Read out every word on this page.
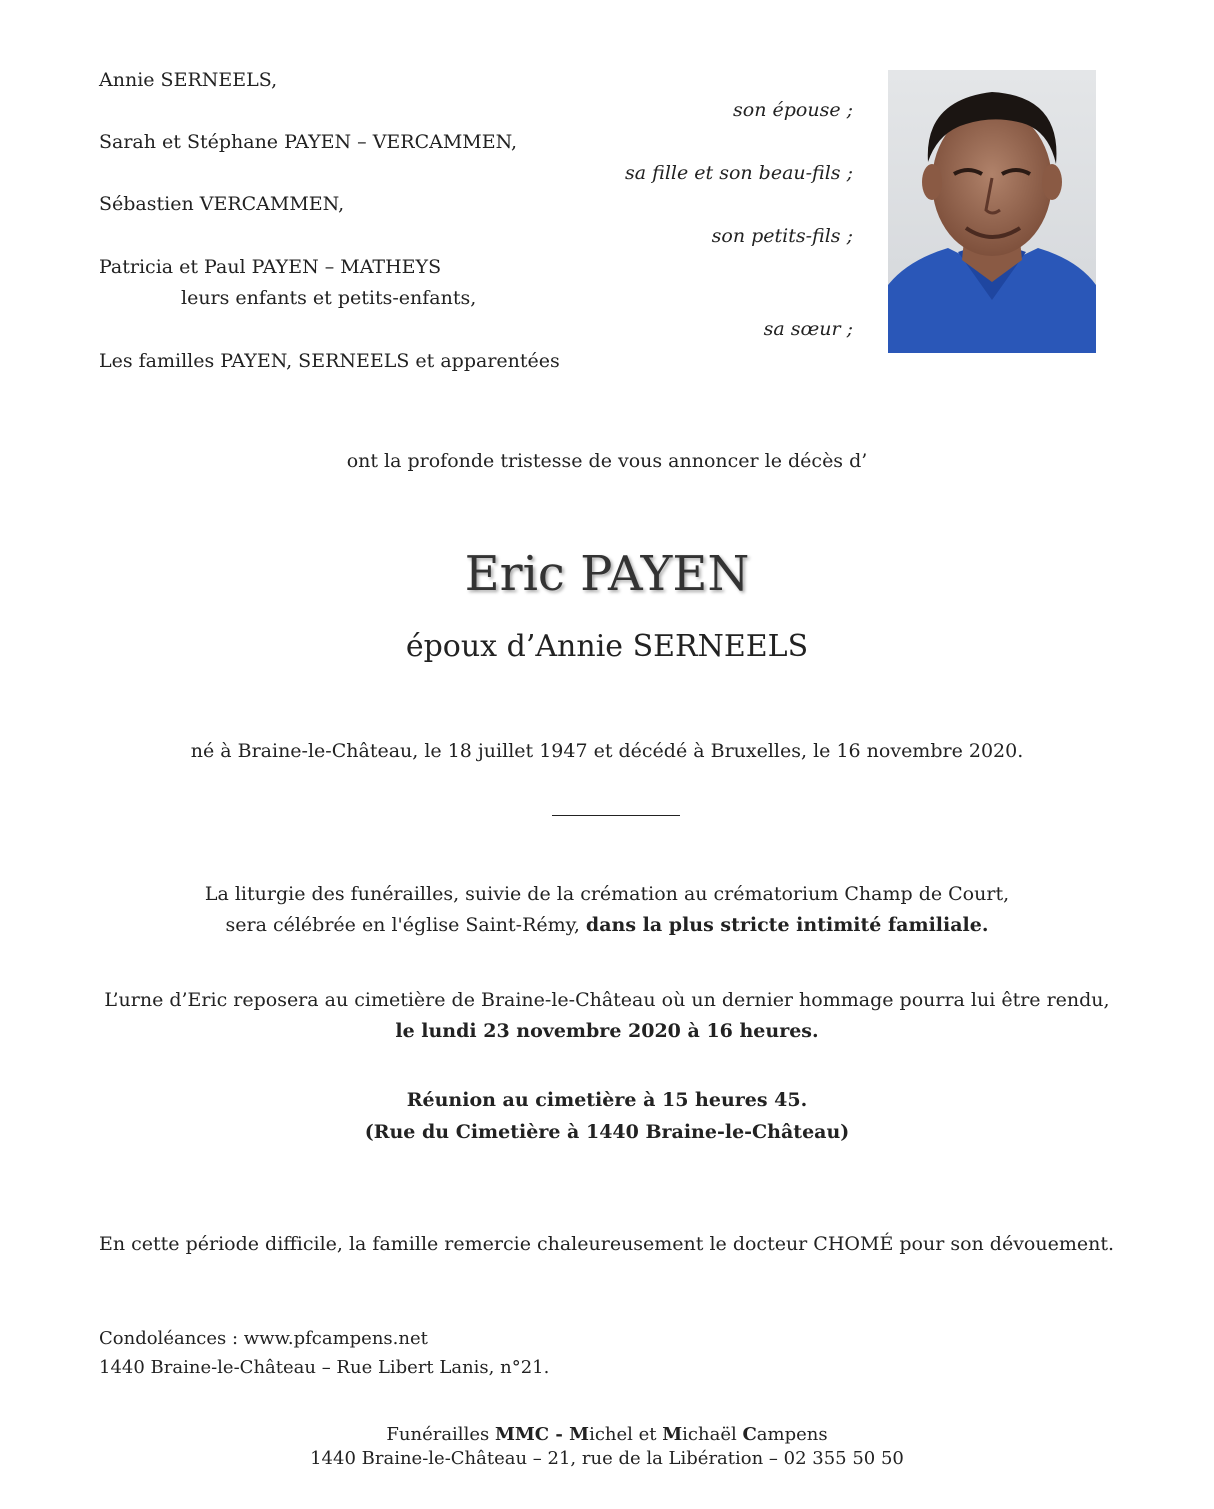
Annie SERNEELS,
son épouse ;
Sarah et Stéphane PAYEN – VERCAMMEN,
sa fille et son beau-fils ;
Sébastien VERCAMMEN,
son petits-fils ;
Patricia et Paul PAYEN – MATHEYS
leurs enfants et petits-enfants,
sa sœur ;
Les familles PAYEN, SERNEELS et apparentées
ont la profonde tristesse de vous annoncer le décès d’
Eric PAYEN
époux d’Annie SERNEELS
né à Braine-le-Château, le 18 juillet 1947 et décédé à Bruxelles, le 16 novembre 2020.
La liturgie des funérailles, suivie de la crémation au crématorium Champ de Court,
sera célébrée en l'église Saint-Rémy, dans la plus stricte intimité familiale.
L’urne d’Eric reposera au cimetière de Braine-le-Château où un dernier hommage pourra lui être rendu,
le lundi 23 novembre 2020 à 16 heures.
Réunion au cimetière à 15 heures 45.
(Rue du Cimetière à 1440 Braine-le-Château)
En cette période difficile, la famille remercie chaleureusement le docteur CHOMÉ pour son dévouement.
Condoléances : www.pfcampens.net
1440 Braine-le-Château – Rue Libert Lanis, n°21.
Funérailles MMC - Michel et Michaël Campens
1440 Braine-le-Château – 21, rue de la Libération – 02 355 50 50
